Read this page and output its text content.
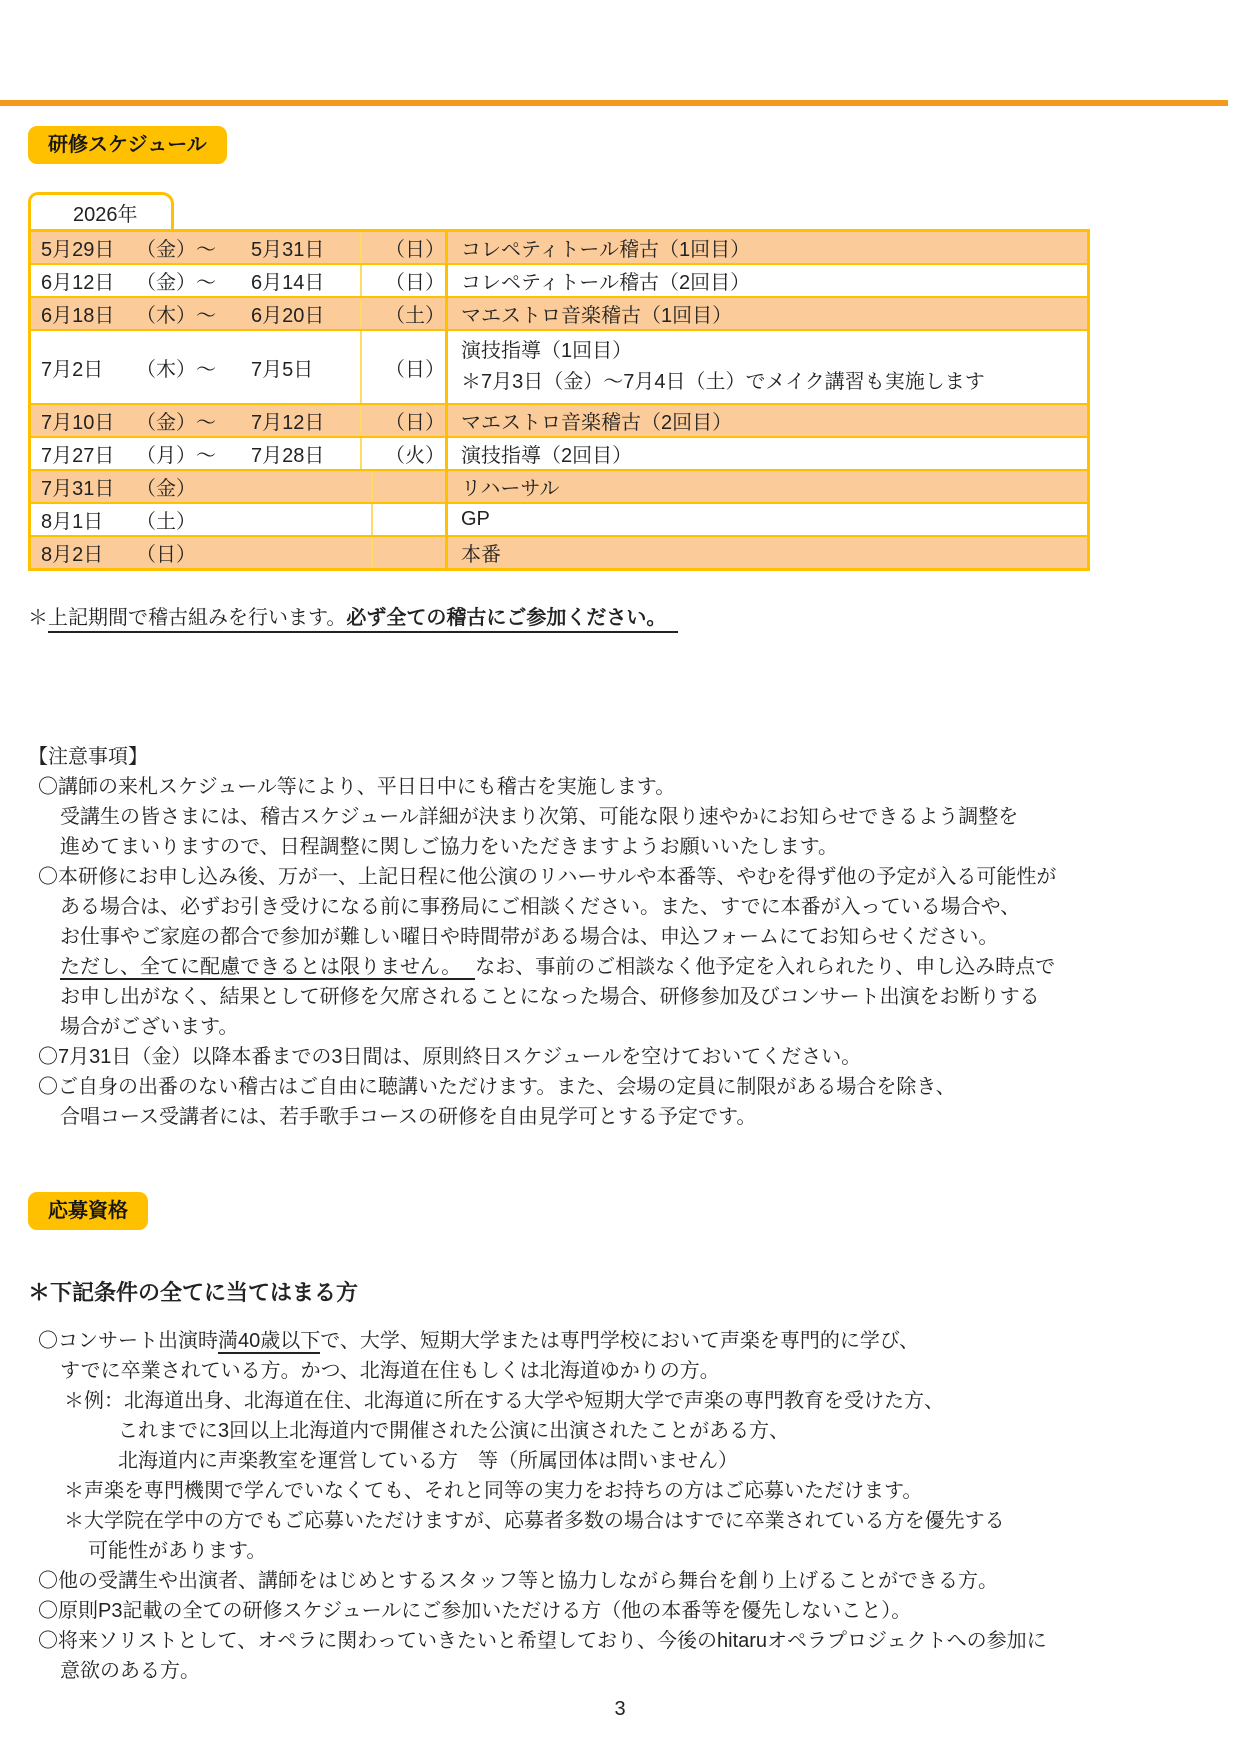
研修スケジュール
2026年
5月29日	（金）～	5月31日	（日） コレペティトール稽古（1回目）
6月12日	（金）～	6月14日	（日） コレペティトール稽古（2回目）
6月18日	（木）～	6月20日	（土） マエストロ音楽稽古（1回目）
7月2日	（木）～	7月5日	（日）
演技指導（1回目）
＊7月3日（金）～7月4日（土）でメイク講習も実施します
7月10日	（金）～	7月12日	（日） マエストロ音楽稽古（2回目）
7月27日	（月）～	7月28日	（火） 演技指導（2回目）
7月31日	（金）	リハーサル
8月1日	（土）	GP
8月2日	（日）	本番
＊上記期間で稽古組みを行います。必ず全ての稽古にご参加ください。
【注意事項】
〇講師の来札スケジュール等により、平日日中にも稽古を実施します。
受講生の皆さまには、稽古スケジュール詳細が決まり次第、可能な限り速やかにお知らせできるよう調整を
進めてまいりますので、日程調整に関しご協力をいただきますようお願いいたします。
〇本研修にお申し込み後、万が一、上記日程に他公演のリハーサルや本番等、やむを得ず他の予定が入る可能性が
ある場合は、必ずお引き受けになる前に事務局にご相談ください。また、すでに本番が入っている場合や、
お仕事やご家庭の都合で参加が難しい曜日や時間帯がある場合は、申込フォームにてお知らせください。
ただし、全てに配慮できるとは限りません。 なお、事前のご相談なく他予定を入れられたり、申し込み時点で
お申し出がなく、結果として研修を欠席されることになった場合、研修参加及びコンサート出演をお断りする
場合がございます。
〇7月31日（金）以降本番までの3日間は、原則終日スケジュールを空けておいてください。
〇ご自身の出番のない稽古はご自由に聴講いただけます。また、会場の定員に制限がある場合を除き、
合唱コース受講者には、若手歌手コースの研修を自由見学可とする予定です。
応募資格
＊下記条件の全てに当てはまる方
〇コンサート出演時満40歳以下で、大学、短期大学または専門学校において声楽を専門的に学び、
すでに卒業されている方。かつ、北海道在住もしくは北海道ゆかりの方。
＊例：北海道出身、北海道在住、北海道に所在する大学や短期大学で声楽の専門教育を受けた方、
これまでに3回以上北海道内で開催された公演に出演されたことがある方、
北海道内に声楽教室を運営している方　等（所属団体は問いません）
＊声楽を専門機関で学んでいなくても、それと同等の実力をお持ちの方はご応募いただけます。
＊大学院在学中の方でもご応募いただけますが、応募者多数の場合はすでに卒業されている方を優先する
可能性があります。
〇他の受講生や出演者、講師をはじめとするスタッフ等と協力しながら舞台を創り上げることができる方。
〇原則P3記載の全ての研修スケジュールにご参加いただける方（他の本番等を優先しないこと）。
〇将来ソリストとして、オペラに関わっていきたいと希望しており、今後のhitaruオペラプロジェクトへの参加に
意欲のある方。
3
